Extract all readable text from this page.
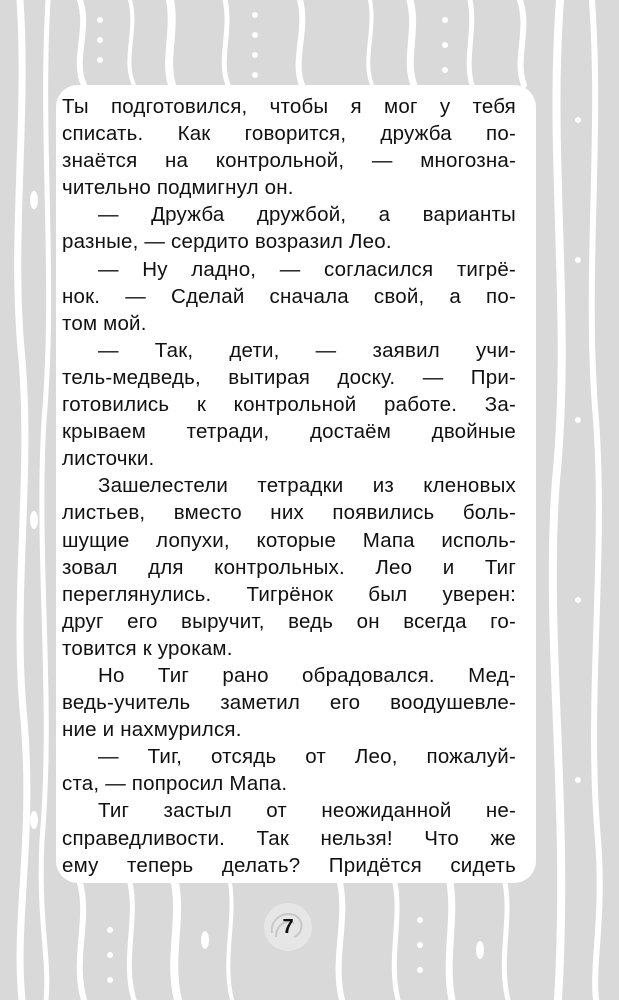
Ты подготовился, чтобы я мог у тебя
списать. Как говорится, дружба по-
знаётся на контрольной, — многозна-
чительно подмигнул он.
— Дружба дружбой, а варианты
разные, — сердито возразил Лео.
— Ну ладно, — согласился тигрё-
нок. — Сделай сначала свой, а по-
том мой.
— Так, дети, — заявил учи-
тель-медведь, вытирая доску. — При-
готовились к контрольной работе. За-
крываем тетради, достаём двойные
листочки.
Зашелестели тетрадки из кленовых
листьев, вместо них появились боль-
шущие лопухи, которые Мапа исполь-
зовал для контрольных. Лео и Тиг
переглянулись. Тигрёнок был уверен:
друг его выручит, ведь он всегда го-
товится к урокам.
Но Тиг рано обрадовался. Мед-
ведь-учитель заметил его воодушевле-
ние и нахмурился.
— Тиг, отсядь от Лео, пожалуй-
ста, — попросил Мапа.
Тиг застыл от неожиданной не-
справедливости. Так нельзя! Что же
ему теперь делать? Придётся сидеть
7
